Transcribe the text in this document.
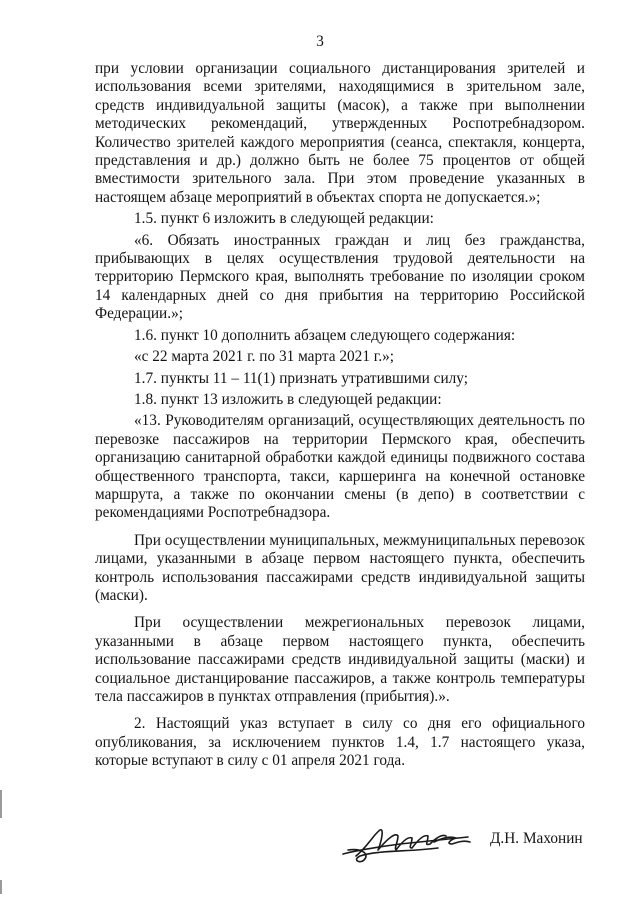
3

при условии организации социального дистанцирования зрителей и использования всеми зрителями, находящимися в зрительном зале, средств индивидуальной защиты (масок), а также при выполнении методических рекомендаций, утвержденных Роспотребнадзором. Количество зрителей каждого мероприятия (сеанса, спектакля, концерта, представления и др.) должно быть не более 75 процентов от общей вместимости зрительного зала. При этом проведение указанных в настоящем абзаце мероприятий в объектах спорта не допускается.»;

1.5. пункт 6 изложить в следующей редакции:

«6. Обязать иностранных граждан и лиц без гражданства, прибывающих в целях осуществления трудовой деятельности на территорию Пермского края, выполнять требование по изоляции сроком 14 календарных дней со дня прибытия на территорию Российской Федерации.»;

1.6. пункт 10 дополнить абзацем следующего содержания:

«с 22 марта 2021 г. по 31 марта 2021 г.»;

1.7. пункты 11 – 11(1) признать утратившими силу;

1.8. пункт 13 изложить в следующей редакции:

«13. Руководителям организаций, осуществляющих деятельность по перевозке пассажиров на территории Пермского края, обеспечить организацию санитарной обработки каждой единицы подвижного состава общественного транспорта, такси, каршеринга на конечной остановке маршрута, а также по окончании смены (в депо) в соответствии с рекомендациями Роспотребнадзора.

При осуществлении муниципальных, межмуниципальных перевозок лицами, указанными в абзаце первом настоящего пункта, обеспечить контроль использования пассажирами средств индивидуальной защиты (маски).

При осуществлении межрегиональных перевозок лицами, указанными в абзаце первом настоящего пункта, обеспечить использование пассажирами средств индивидуальной защиты (маски) и социальное дистанцирование пассажиров, а также контроль температуры тела пассажиров в пунктах отправления (прибытия).».

2. Настоящий указ вступает в силу со дня его официального опубликования, за исключением пунктов 1.4, 1.7 настоящего указа, которые вступают в силу с 01 апреля 2021 года.

Д.Н. Махонин
